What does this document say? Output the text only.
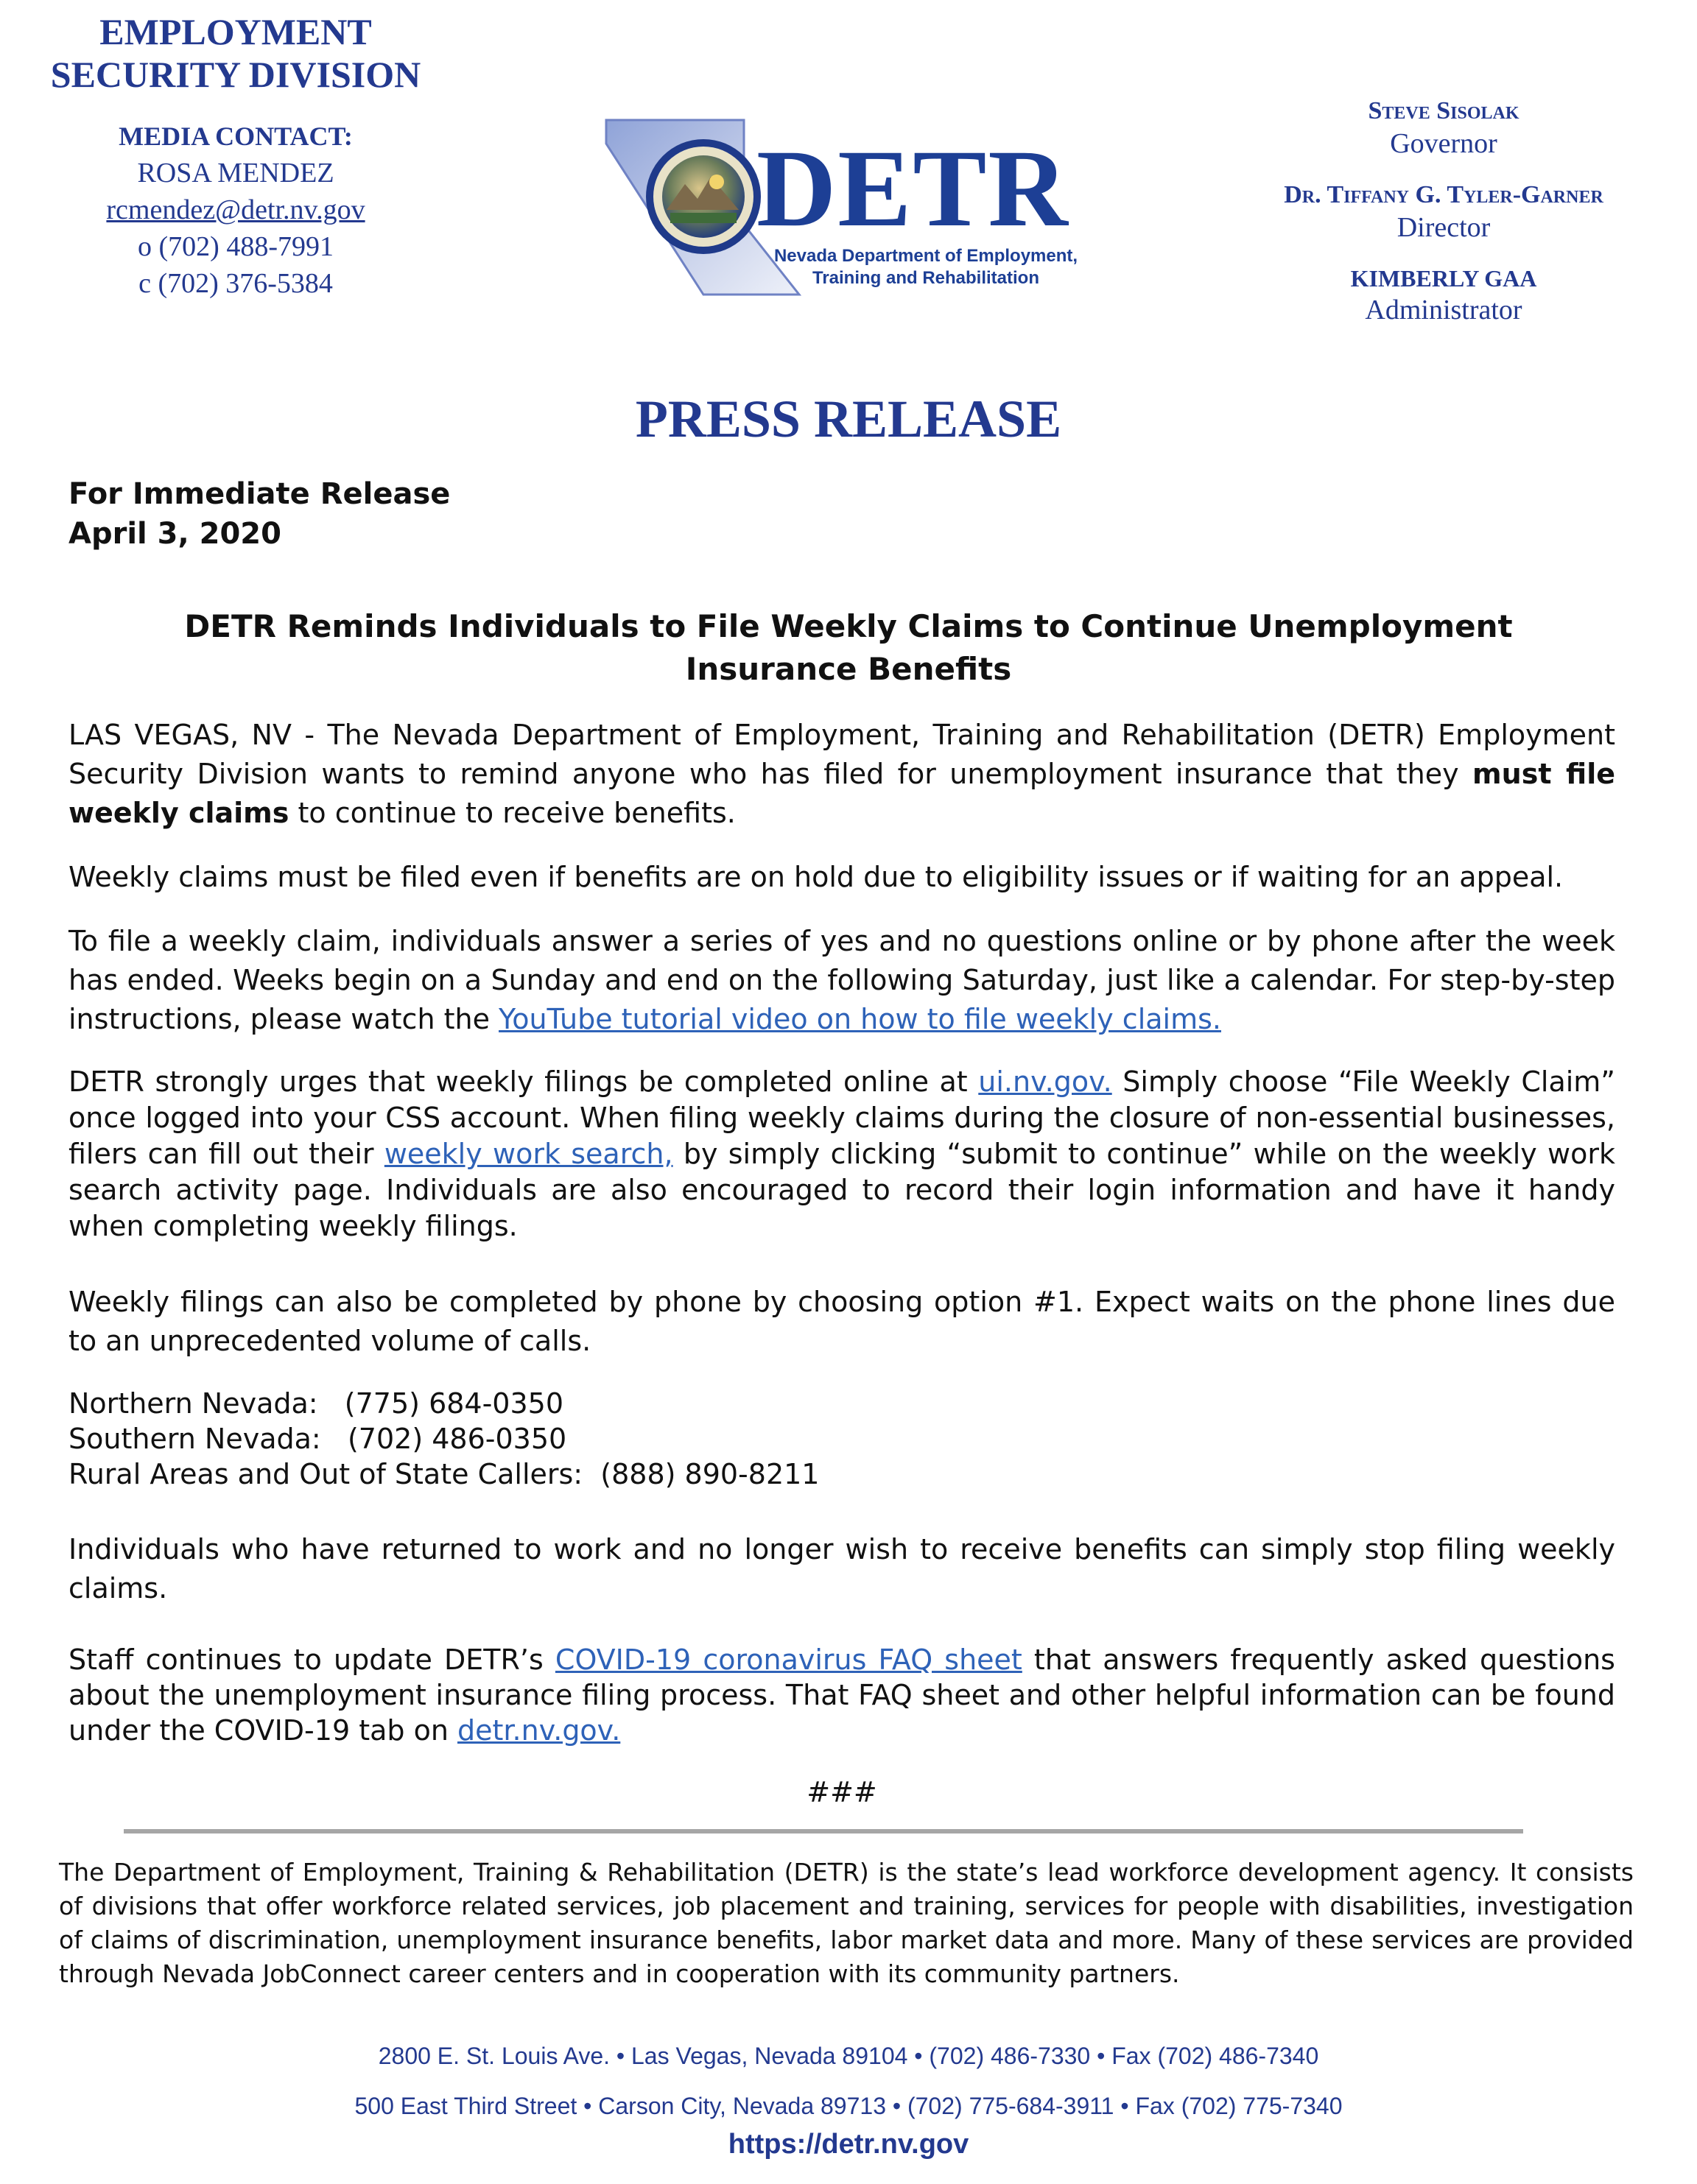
EMPLOYMENT
SECURITY DIVISION
MEDIA CONTACT:
ROSA MENDEZ
rcmendez@detr.nv.gov
o (702) 488-7991
c (702) 376-5384
DETR
Nevada Department of Employment,
Training and Rehabilitation
Steve Sisolak
Governor
Dr. Tiffany G. Tyler-Garner
Director
KIMBERLY GAA
Administrator
PRESS RELEASE
For Immediate Release
April 3, 2020
DETR Reminds Individuals to File Weekly Claims to Continue Unemployment
Insurance Benefits

LAS VEGAS, NV - The Nevada Department of Employment, Training and Rehabilitation (DETR) Employment Security Division wants to remind anyone who has filed for unemployment insurance that they must file weekly claims to continue to receive benefits.

Weekly claims must be filed even if benefits are on hold due to eligibility issues or if waiting for an appeal.

To file a weekly claim, individuals answer a series of yes and no questions online or by phone after the week has ended. Weeks begin on a Sunday and end on the following Saturday, just like a calendar. For step-by-step instructions, please watch the YouTube tutorial video on how to file weekly claims.

DETR strongly urges that weekly filings be completed online at ui.nv.gov. Simply choose “File Weekly Claim” once logged into your CSS account. When filing weekly claims during the closure of non-essential businesses, filers can fill out their weekly work search, by simply clicking “submit to continue” while on the weekly work search activity page. Individuals are also encouraged to record their login information and have it handy when completing weekly filings.

Weekly filings can also be completed by phone by choosing option #1. Expect waits on the phone lines due to an unprecedented volume of calls.

Northern Nevada:   (775) 684-0350
Southern Nevada:   (702) 486-0350
Rural Areas and Out of State Callers:  (888) 890-8211

Individuals who have returned to work and no longer wish to receive benefits can simply stop filing weekly claims.

Staff continues to update DETR’s COVID-19 coronavirus FAQ sheet that answers frequently asked questions about the unemployment insurance filing process. That FAQ sheet and other helpful information can be found under the COVID-19 tab on detr.nv.gov.

###
The Department of Employment, Training & Rehabilitation (DETR) is the state’s lead workforce development agency. It consists of divisions that offer workforce related services, job placement and training, services for people with disabilities, investigation of claims of discrimination, unemployment insurance benefits, labor market data and more. Many of these services are provided through Nevada JobConnect career centers and in cooperation with its community partners.
2800 E. St. Louis Ave. • Las Vegas, Nevada 89104 • (702) 486-7330 • Fax (702) 486-7340
500 East Third Street • Carson City, Nevada 89713 • (702) 775-684-3911 • Fax (702) 775-7340
https://detr.nv.gov
